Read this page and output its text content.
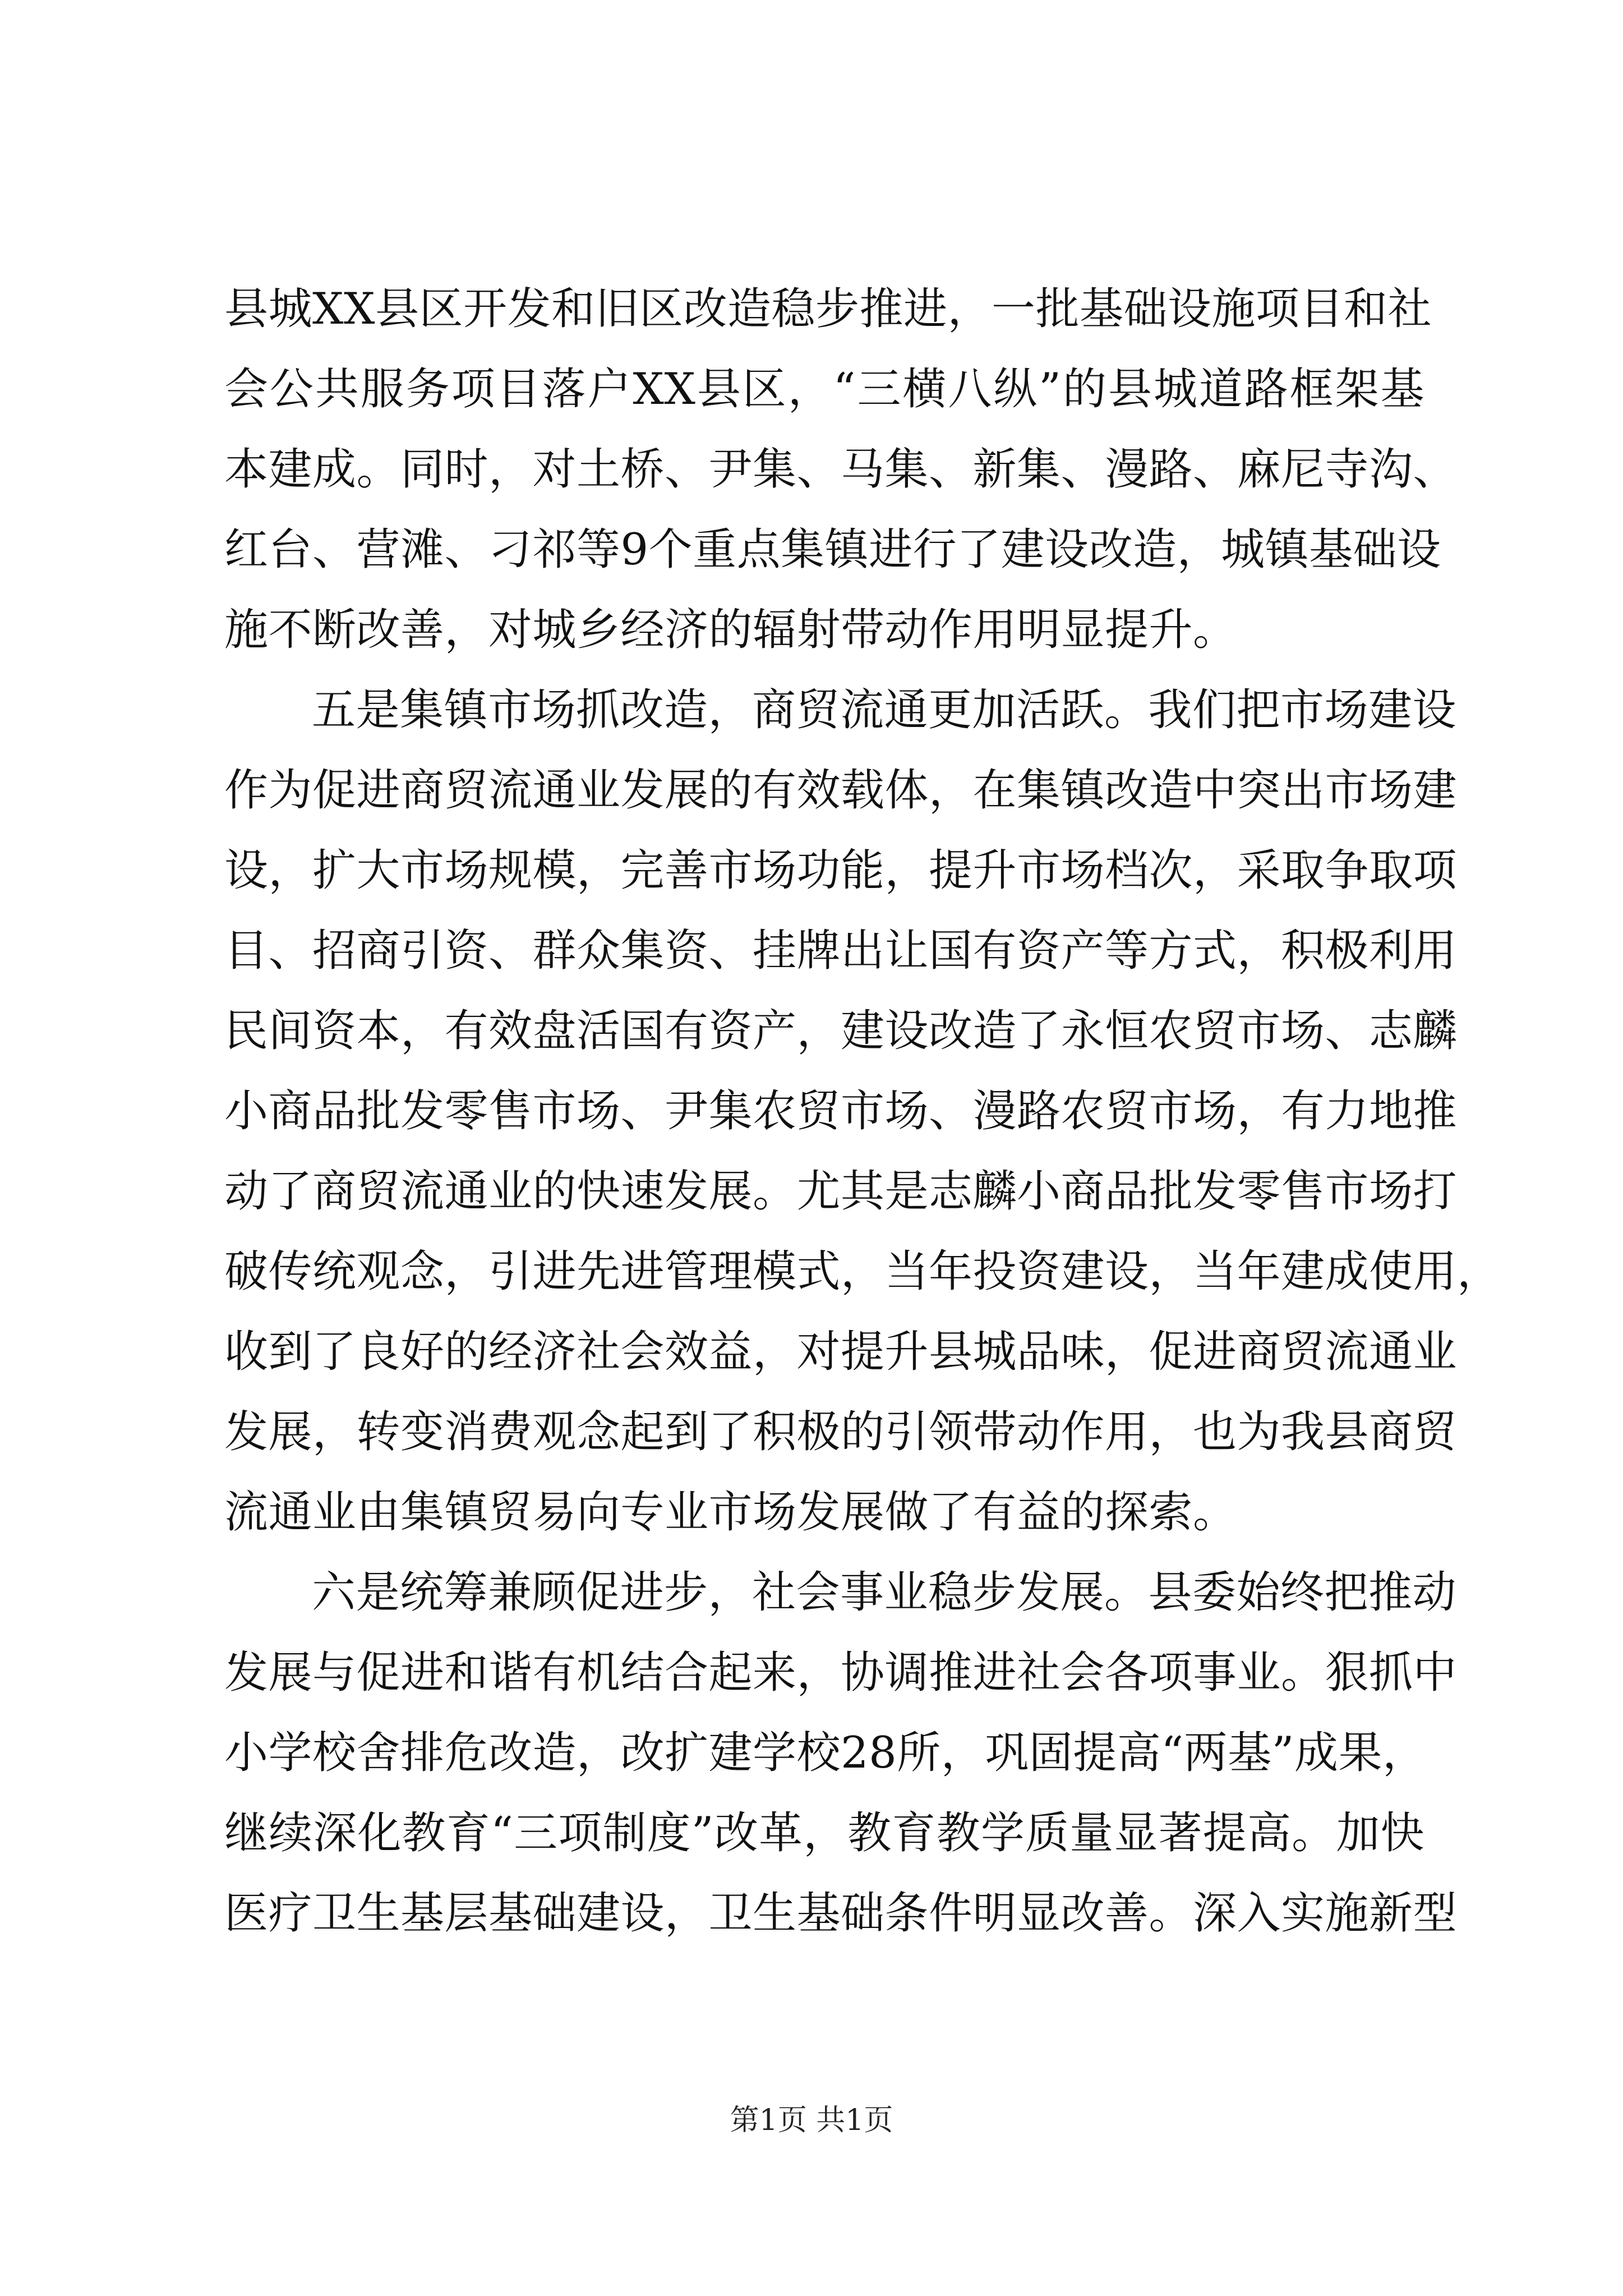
县城XX县区开发和旧区改造稳步推进，一批基础设施项目和社
会公共服务项目落户XX县区，“三横八纵”的县城道路框架基
本建成。同时，对土桥、尹集、马集、新集、漫路、麻尼寺沟、
红台、营滩、刁祁等9个重点集镇进行了建设改造，城镇基础设
施不断改善，对城乡经济的辐射带动作用明显提升。
五是集镇市场抓改造，商贸流通更加活跃。我们把市场建设
作为促进商贸流通业发展的有效载体，在集镇改造中突出市场建
设，扩大市场规模，完善市场功能，提升市场档次，采取争取项
目、招商引资、群众集资、挂牌出让国有资产等方式，积极利用
民间资本，有效盘活国有资产，建设改造了永恒农贸市场、志麟
小商品批发零售市场、尹集农贸市场、漫路农贸市场，有力地推
动了商贸流通业的快速发展。尤其是志麟小商品批发零售市场打
破传统观念，引进先进管理模式，当年投资建设，当年建成使用，
收到了良好的经济社会效益，对提升县城品味，促进商贸流通业
发展，转变消费观念起到了积极的引领带动作用，也为我县商贸
流通业由集镇贸易向专业市场发展做了有益的探索。
六是统筹兼顾促进步，社会事业稳步发展。县委始终把推动
发展与促进和谐有机结合起来，协调推进社会各项事业。狠抓中
小学校舍排危改造，改扩建学校28所，巩固提高“两基”成果，
继续深化教育“三项制度”改革，教育教学质量显著提高。加快
医疗卫生基层基础建设，卫生基础条件明显改善。深入实施新型
第1页 共1页
